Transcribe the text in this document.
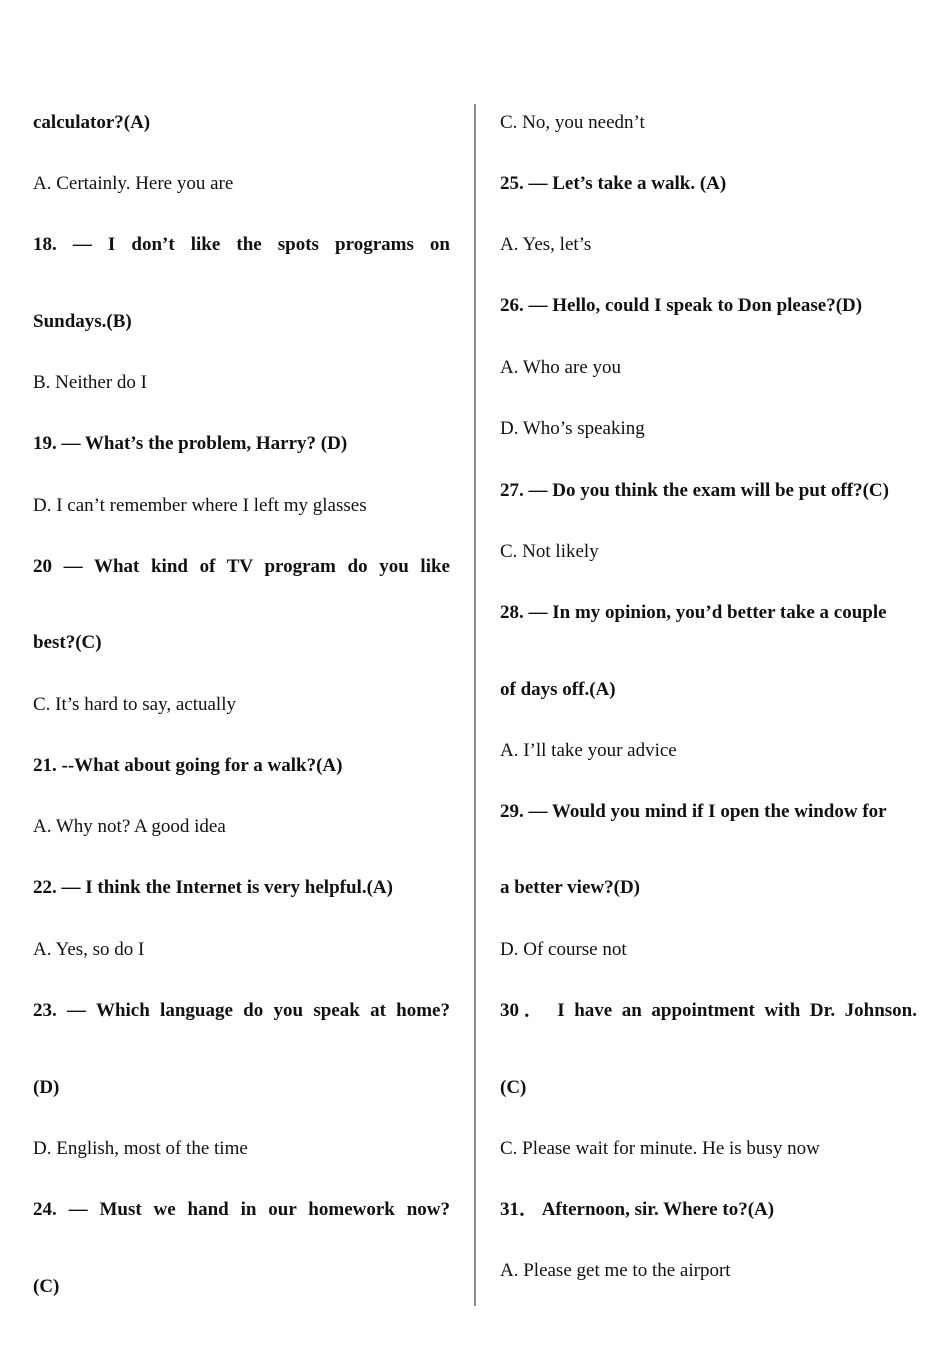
calculator?(A)

A. Certainly. Here you are

18. — I don’t like the spots programs on

Sundays.(B)

B. Neither do I

19. — What’s the problem, Harry? (D)

D. I can’t remember where I left my glasses

20 — What kind of TV program do you like

best?(C)

C. It’s hard to say, actually

21. --What about going for a walk?(A)

A. Why not? A good idea

22. — I think the Internet is very helpful.(A)

A. Yes, so do I

23. — Which language do you speak at home?

(D)

D. English, most of the time

24. — Must we hand in our homework now?

(C)

C. No, you needn’t

25. — Let’s take a walk. (A)

A. Yes, let’s

26. — Hello, could I speak to Don please?(D)

A. Who are you

D. Who’s speaking

27. — Do you think the exam will be put off?(C)

C. Not likely

28. — In my opinion, you’d better take a couple

of days off.(A)

A. I’ll take your advice

29. — Would you mind if I open the window for

a better view?(D)

D. Of course not

30． I have an appointment with Dr. Johnson.

(C)

C. Please wait for minute. He is busy now

31． Afternoon, sir. Where to?(A)

A. Please get me to the airport
